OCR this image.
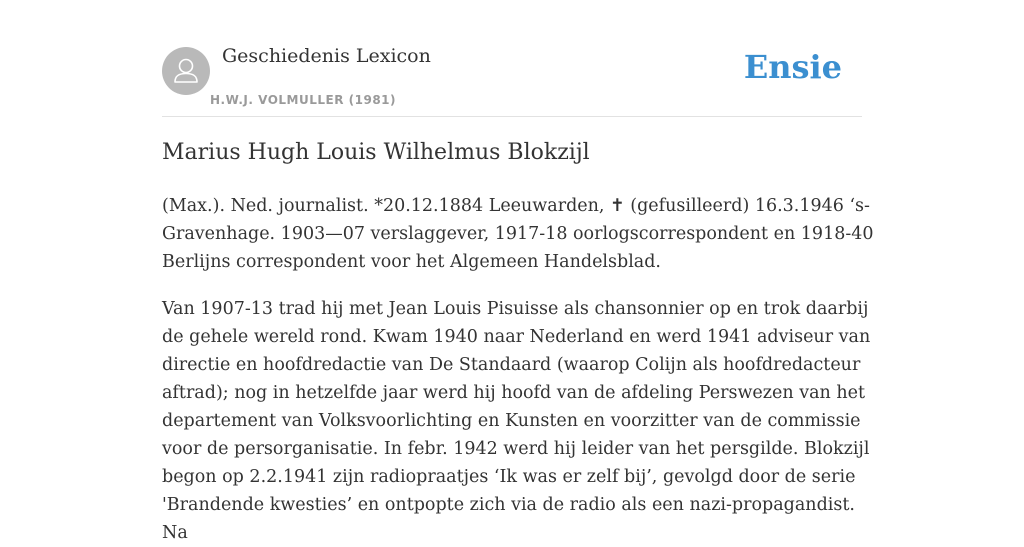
Geschiedenis Lexicon
H.W.J. VOLMULLER (1981)
Ensie
Marius Hugh Louis Wilhelmus Blokzijl

(Max.). Ned. journalist. *20.12.1884 Leeuwarden, ✝ (gefusilleerd) 16.3.1946 ‘s-Gravenhage. 1903—07 verslaggever, 1917-18 oorlogscorrespondent en 1918-40 Berlijns correspondent voor het Algemeen Handelsblad.

Van 1907-13 trad hij met Jean Louis Pisuisse als chansonnier op en trok daarbij de gehele wereld rond. Kwam 1940 naar Nederland en werd 1941 adviseur van directie en hoofdredactie van De Standaard (waarop Colijn als hoofdredacteur aftrad); nog in hetzelfde jaar werd hij hoofd van de afdeling Perswezen van het departement van Volksvoorlichting en Kunsten en voorzitter van de commissie voor de persorganisatie. In febr. 1942 werd hij leider van het persgilde. Blokzijl begon op 2.2.1941 zijn radiopraatjes ‘Ik was er zelf bij’, gevolgd door de serie 'Brandende kwesties’ en ontpopte zich via de radio als een nazi-propagandist. Na
